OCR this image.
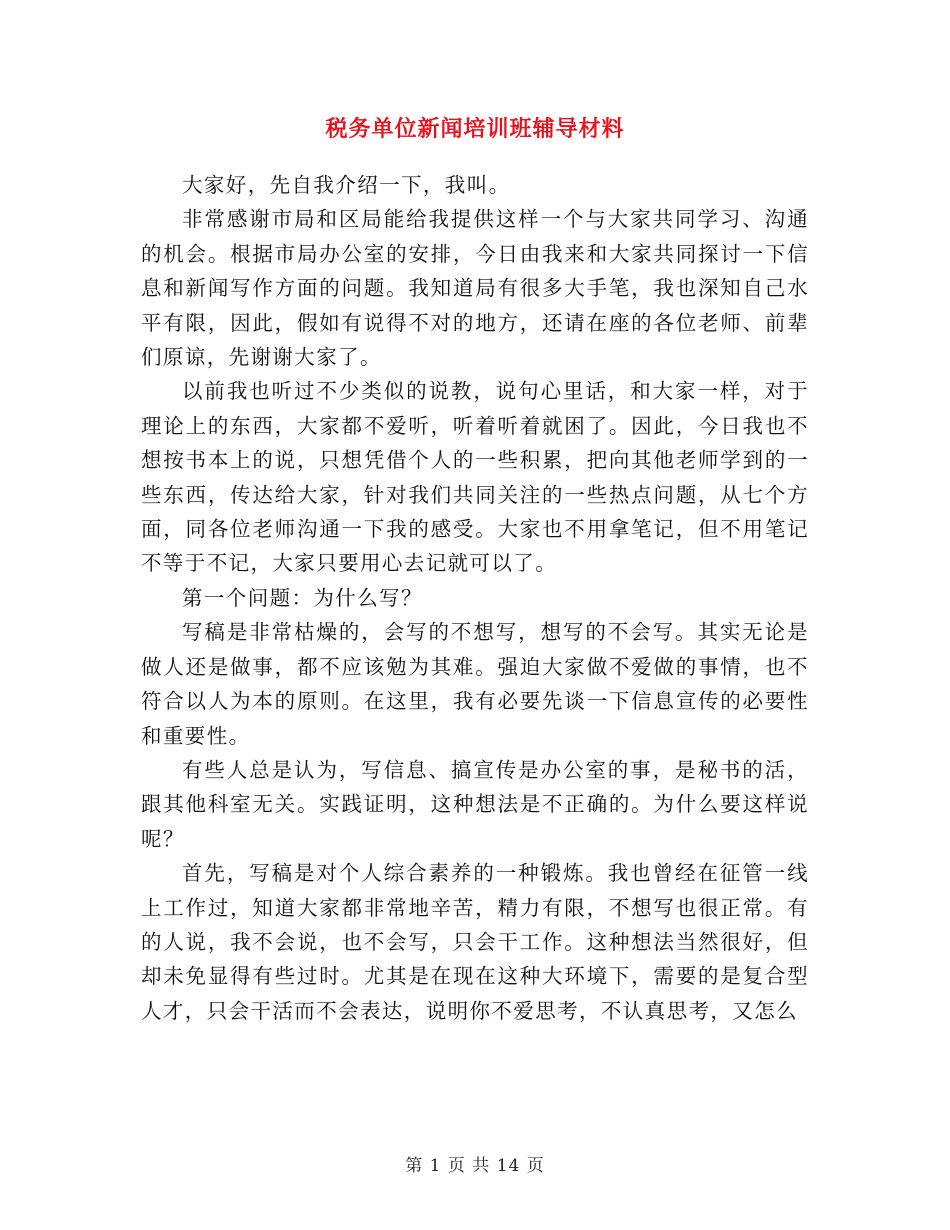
税务单位新闻培训班辅导材料

大家好，先自我介绍一下，我叫。

非常感谢市局和区局能给我提供这样一个与大家共同学习、沟通的机会。根据市局办公室的安排，今日由我来和大家共同探讨一下信息和新闻写作方面的问题。我知道局有很多大手笔，我也深知自己水平有限，因此，假如有说得不对的地方，还请在座的各位老师、前辈们原谅，先谢谢大家了。

以前我也听过不少类似的说教，说句心里话，和大家一样，对于理论上的东西，大家都不爱听，听着听着就困了。因此，今日我也不想按书本上的说，只想凭借个人的一些积累，把向其他老师学到的一些东西，传达给大家，针对我们共同关注的一些热点问题，从七个方面，同各位老师沟通一下我的感受。大家也不用拿笔记，但不用笔记不等于不记，大家只要用心去记就可以了。

第一个问题：为什么写？

写稿是非常枯燥的，会写的不想写，想写的不会写。其实无论是做人还是做事，都不应该勉为其难。强迫大家做不爱做的事情，也不符合以人为本的原则。在这里，我有必要先谈一下信息宣传的必要性和重要性。

有些人总是认为，写信息、搞宣传是办公室的事，是秘书的活，跟其他科室无关。实践证明，这种想法是不正确的。为什么要这样说呢？

首先，写稿是对个人综合素养的一种锻炼。我也曾经在征管一线上工作过，知道大家都非常地辛苦，精力有限，不想写也很正常。有的人说，我不会说，也不会写，只会干工作。这种想法当然很好，但却未免显得有些过时。尤其是在现在这种大环境下，需要的是复合型人才，只会干活而不会表达，说明你不爱思考，不认真思考，又怎么

第 1 页 共 14 页
